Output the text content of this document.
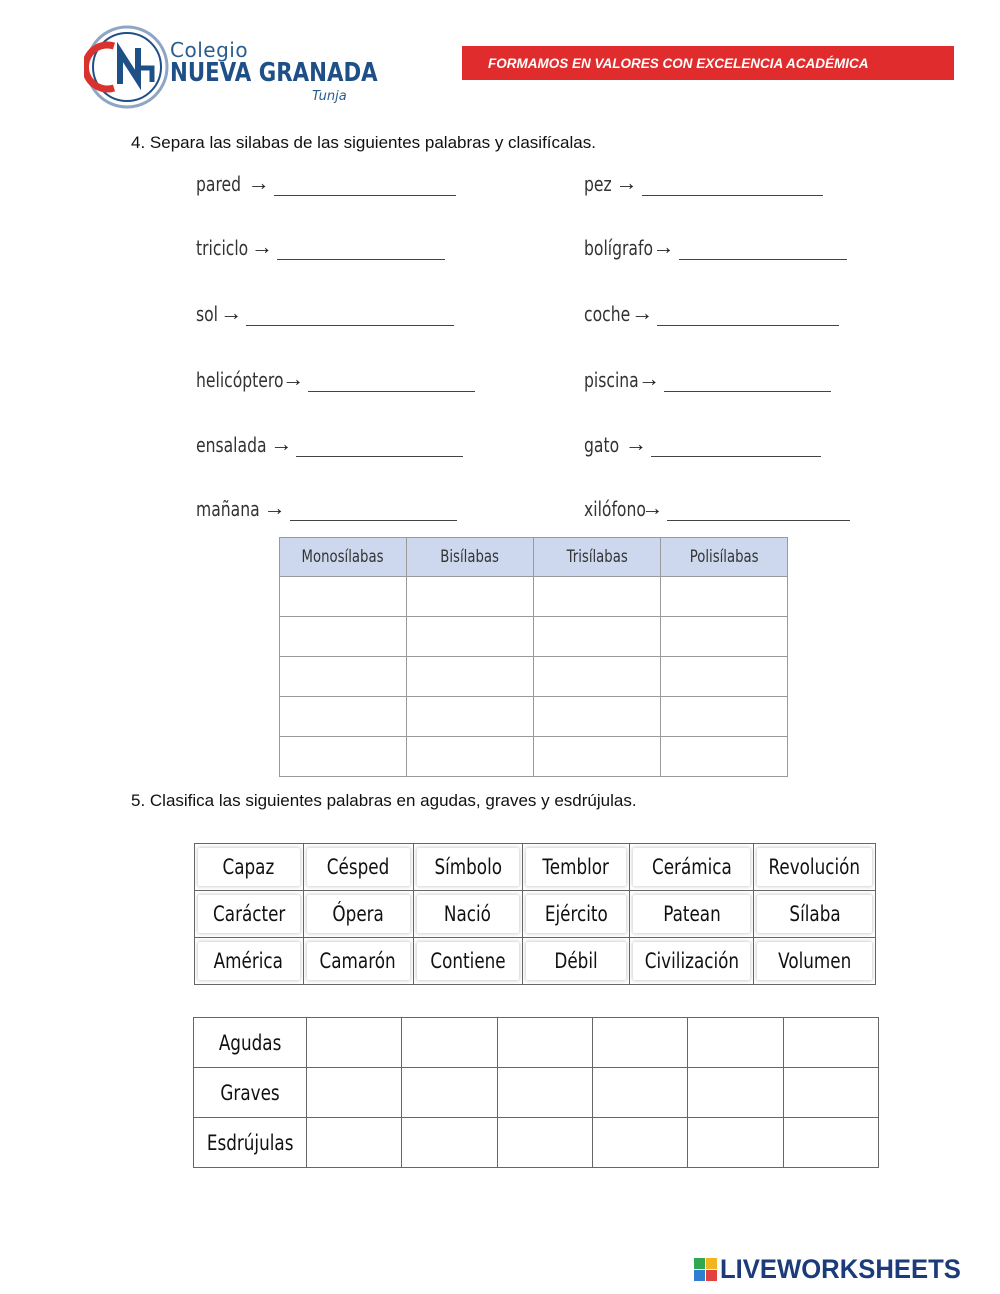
Colegio
NUEVA GRANADA
Tunja
FORMAMOS EN VALORES CON EXCELENCIA ACADÉMICA
4. Separa las silabas de las siguientes palabras y clasifícalas.
pared →
triciclo →
sol →
helicóptero
→
ensalada →
mañana →
pez →
bolígrafo →
coche →
piscina →
gato →
xilófono
→
Monosílabas	Bisílabas	Trisílabas	Polisílabas

5. Clasifica las siguientes palabras en agudas, graves y esdrújulas.
Capaz	Césped	Símbolo	Temblor	Cerámica	Revolución

Carácter	Ópera	Nació	Ejército	Patean	Sílaba

América	Camarón	Contiene	Débil	Civilización	Volumen
Agudas						
Graves						
Esdrújulas						
LIVEWORKSHEETS
